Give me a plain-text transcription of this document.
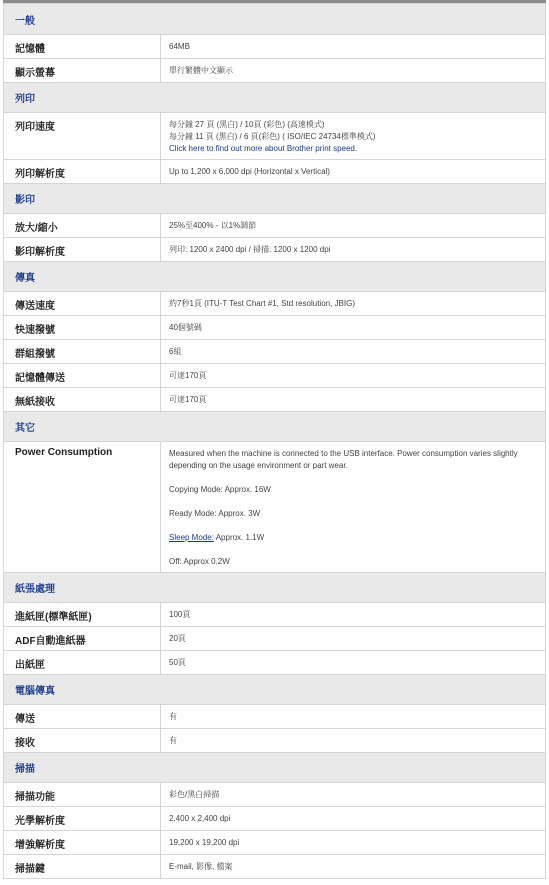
一般
記憶體	64MB
顯示螢幕	單行繁體中文顯示
列印
列印速度	每分鐘 27 頁 (黑白) / 10頁 (彩色) (高速模式)
每分鐘 11 頁 (黑白) / 6 頁(彩色) ( ISO/IEC 24734標準模式)
Click here to find out more about Brother print speed.
列印解析度	Up to 1,200 x 6,000 dpi (Horizontal x Vertical)
影印
放大/縮小	25%至400% - 以1%調節
影印解析度	列印: 1200 x 2400 dpi / 掃描: 1200 x 1200 dpi
傳真
傳送速度	約7秒1頁 (ITU-T Test Chart #1, Std resolution, JBIG)
快速撥號	40個號碼
群組撥號	6組
記憶體傳送	可達170頁
無紙接收	可達170頁
其它
Power Consumption	Measured when the machine is connected to the USB interface. Power consumption varies slightly depending on the usage environment or part wear.
Copying Mode: Approx. 16W
Ready Mode: Approx. 3W
Sleep Mode: Approx. 1.1W
Off: Approx 0.2W
紙張處理
進紙匣(標準紙匣)	100頁
ADF自動進紙器	20頁
出紙匣	50頁
電腦傳真
傳送	有
接收	有
掃描
掃描功能	彩色/黑白掃描
光學解析度	2,400 x 2,400 dpi
增強解析度	19,200 x 19,200 dpi
掃描鍵	E-mail, 影像, 檔案
